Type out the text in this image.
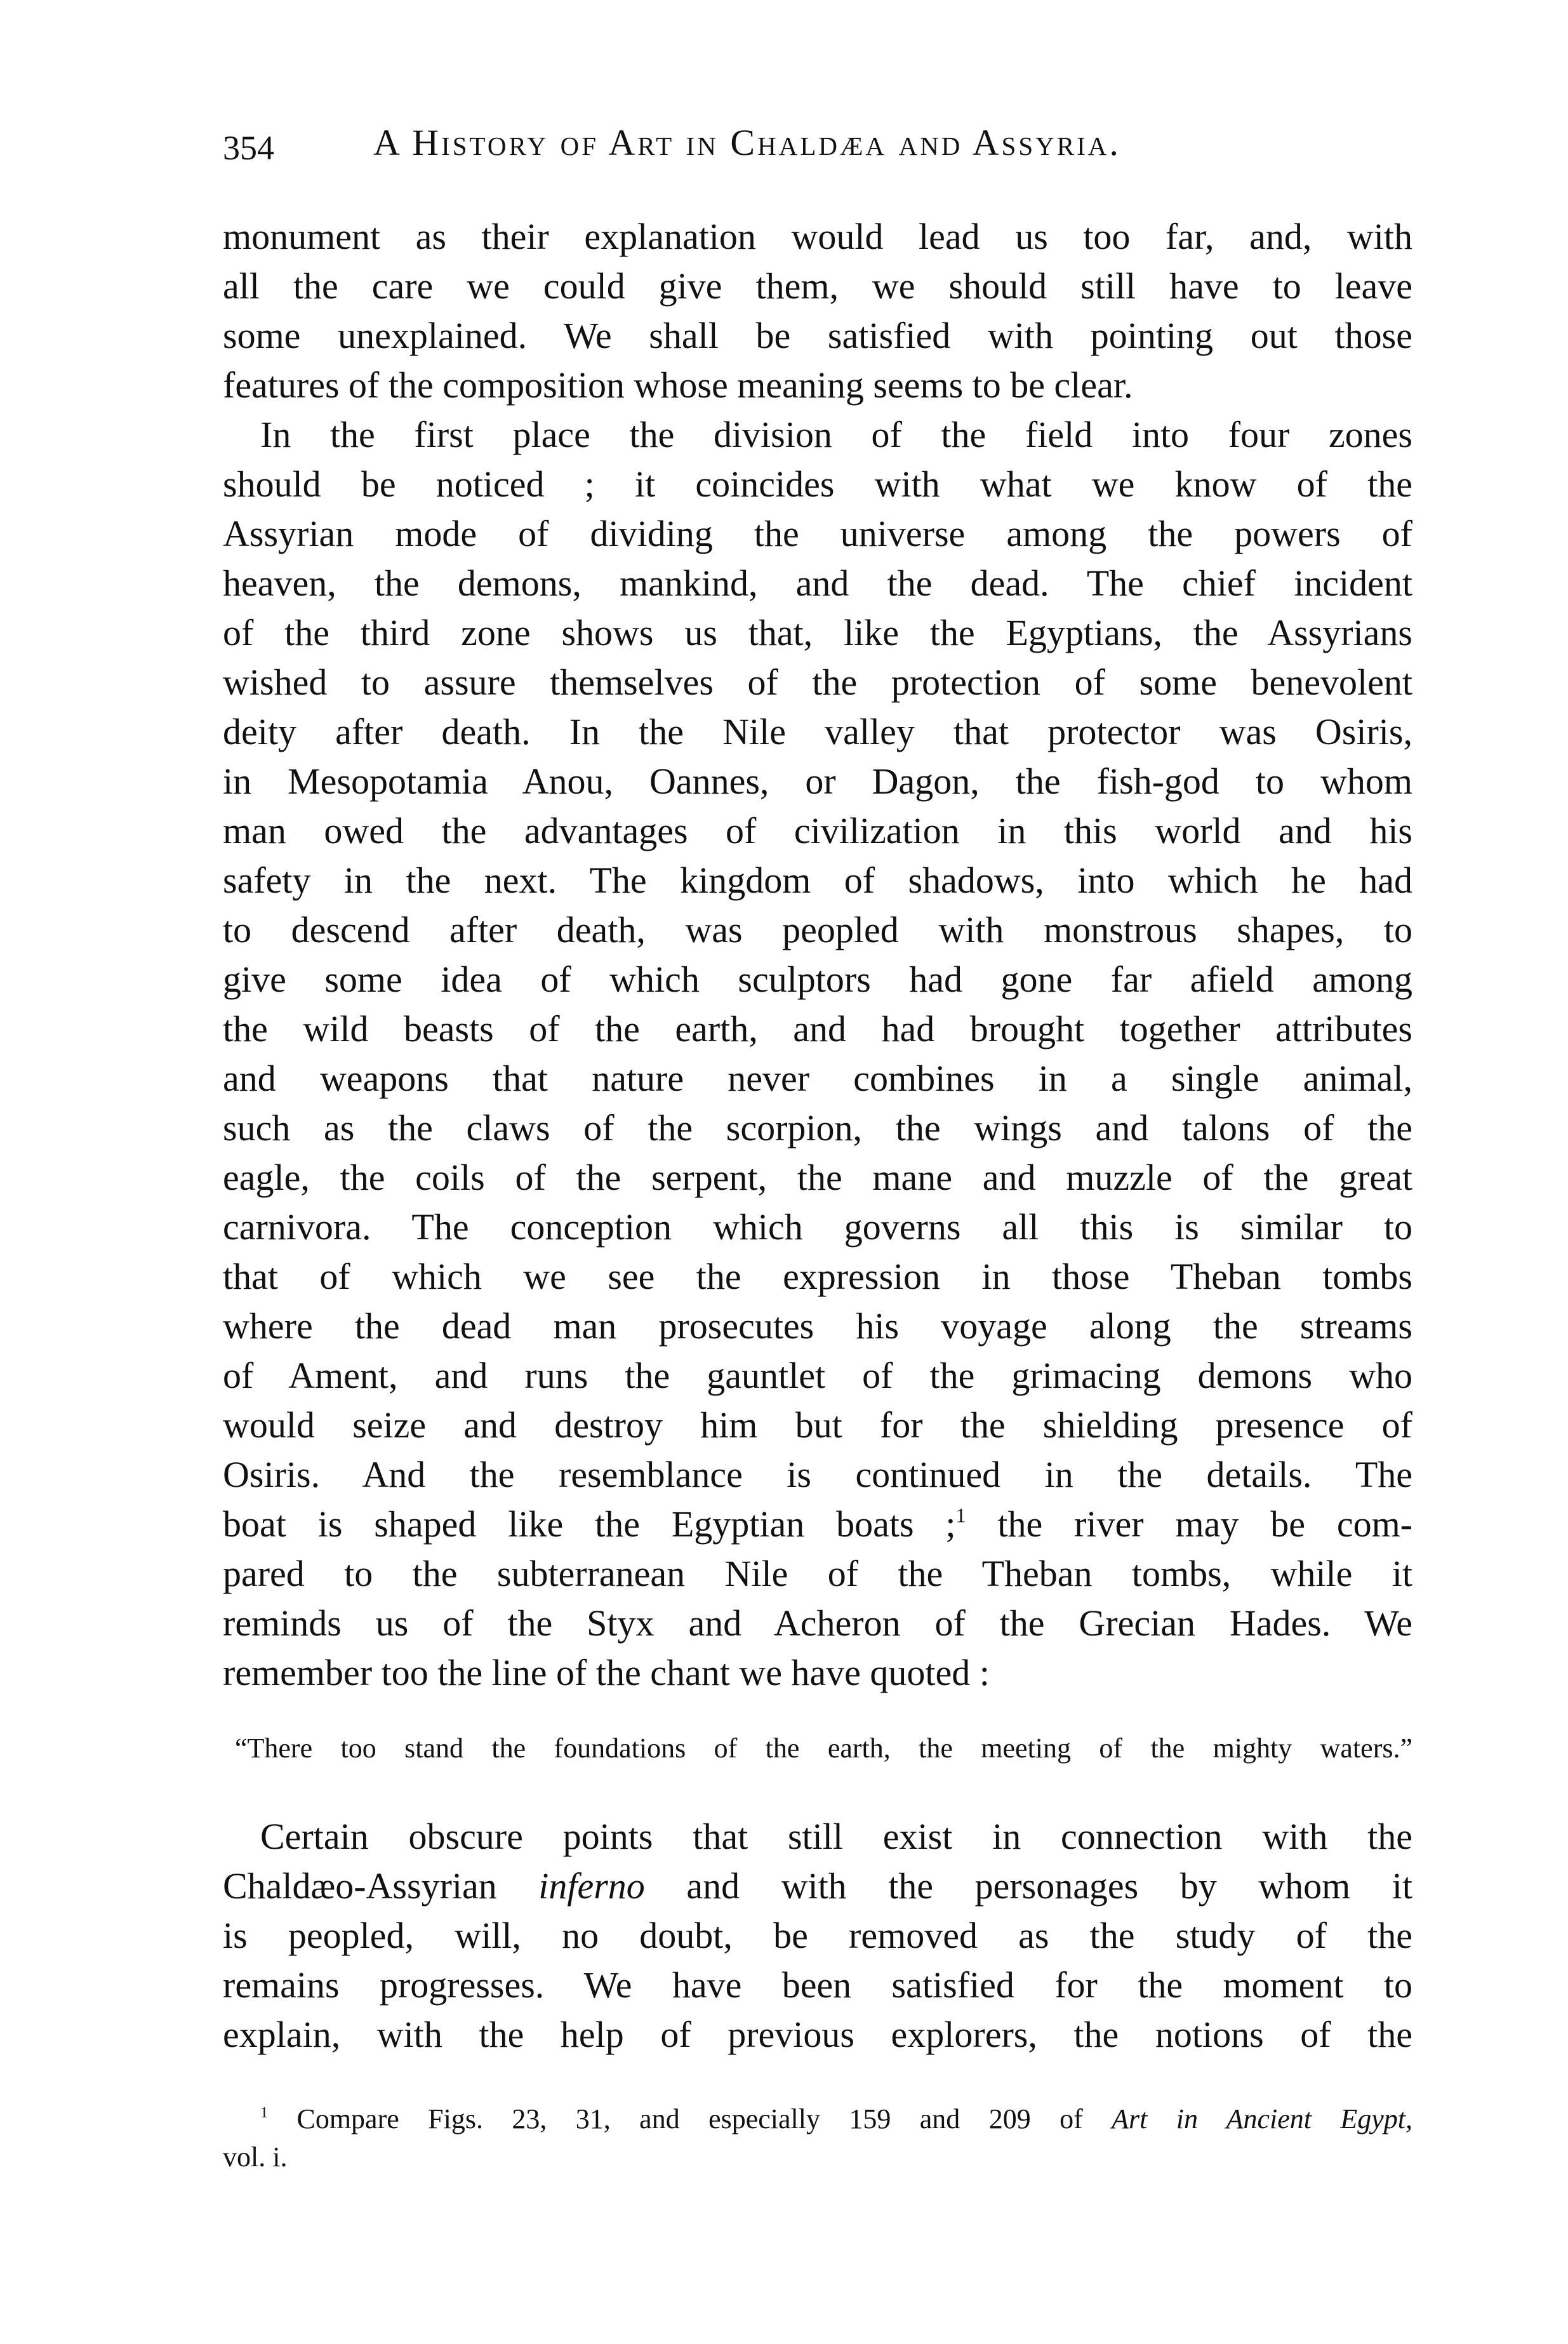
354	A History of Art in Chaldæa and Assyria.
monument as their explanation would lead us too far, and, with
all the care we could give them, we should still have to leave
some unexplained. We shall be satisfied with pointing out those
features of the composition whose meaning seems to be clear.
In the first place the division of the field into four zones
should be noticed ; it coincides with what we know of the
Assyrian mode of dividing the universe among the powers of
heaven, the demons, mankind, and the dead. The chief incident
of the third zone shows us that, like the Egyptians, the Assyrians
wished to assure themselves of the protection of some benevolent
deity after death. In the Nile valley that protector was Osiris,
in Mesopotamia Anou, Oannes, or Dagon, the fish-god to whom
man owed the advantages of civilization in this world and his
safety in the next. The kingdom of shadows, into which he had
to descend after death, was peopled with monstrous shapes, to
give some idea of which sculptors had gone far afield among
the wild beasts of the earth, and had brought together attributes
and weapons that nature never combines in a single animal,
such as the claws of the scorpion, the wings and talons of the
eagle, the coils of the serpent, the mane and muzzle of the great
carnivora. The conception which governs all this is similar to
that of which we see the expression in those Theban tombs
where the dead man prosecutes his voyage along the streams
of Ament, and runs the gauntlet of the grimacing demons who
would seize and destroy him but for the shielding presence of
Osiris. And the resemblance is continued in the details. The
boat is shaped like the Egyptian boats ;$^1$ the river may be com-
pared to the subterranean Nile of the Theban tombs, while it
reminds us of the Styx and Acheron of the Grecian Hades. We
remember too the line of the chant we have quoted :
“There too stand the foundations of the earth, the meeting of the mighty waters.”
Certain obscure points that still exist in connection with the
Chaldæo-Assyrian inferno and with the personages by whom it
is peopled, will, no doubt, be removed as the study of the
remains progresses. We have been satisfied for the moment to
explain, with the help of previous explorers, the notions of the
$^1$ Compare Figs. 23, 31, and especially 159 and 209 of Art in Ancient Egypt,
vol. i.
